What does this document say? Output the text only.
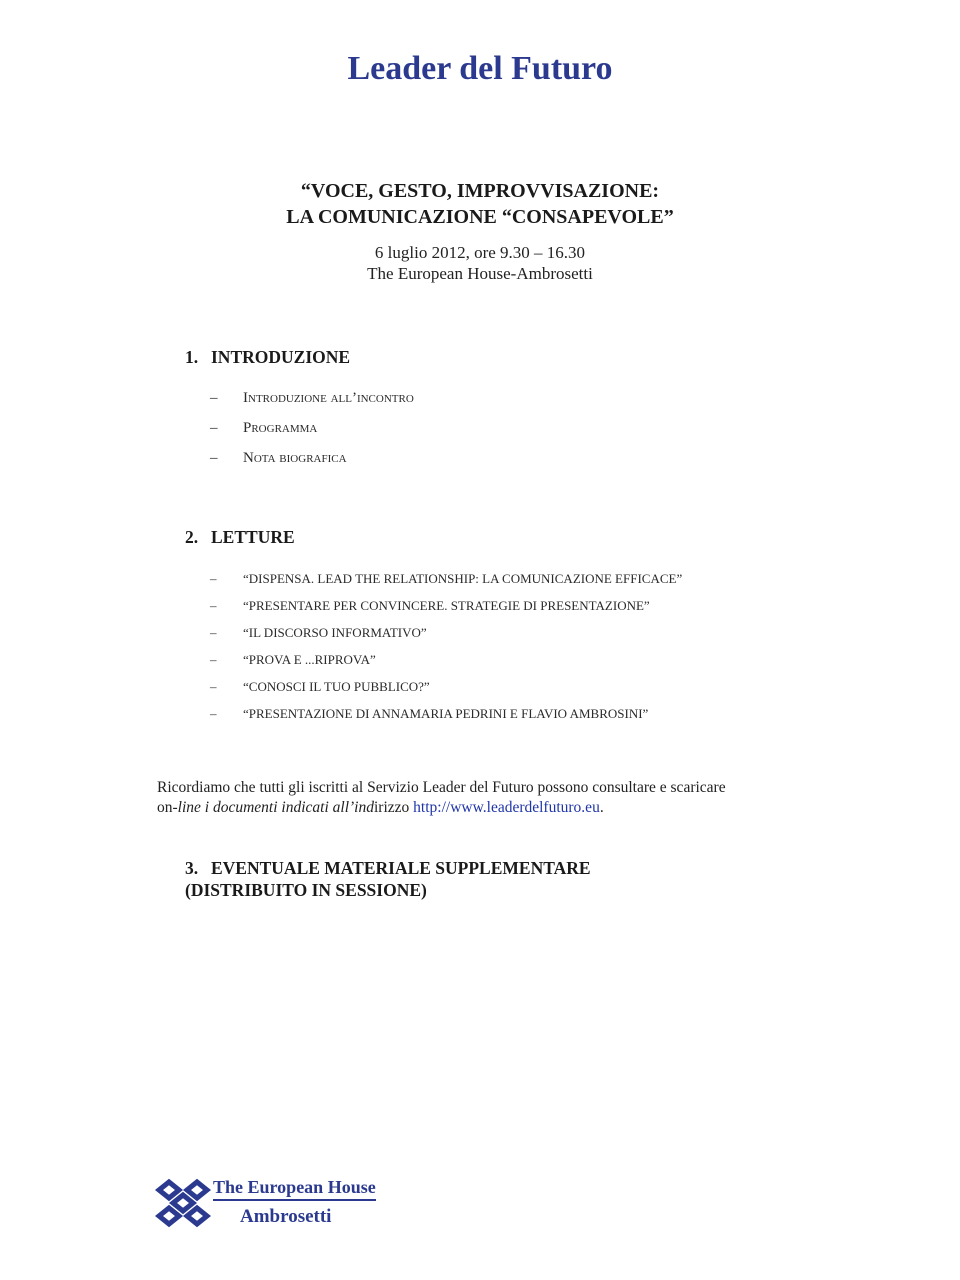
Leader del Futuro
“VOCE, GESTO, IMPROVVISAZIONE:
LA COMUNICAZIONE “CONSAPEVOLE”
6 luglio 2012, ore 9.30 – 16.30
The European House-Ambrosetti
1. INTRODUZIONE
– Introduzione all’incontro
– Programma
– Nota biografica
2. LETTURE
– “DISPENSA. LEAD THE RELATIONSHIP: LA COMUNICAZIONE EFFICACE”
– “PRESENTARE PER CONVINCERE. STRATEGIE DI PRESENTAZIONE”
– “IL DISCORSO INFORMATIVO”
– “PROVA E ...RIPROVA”
– “CONOSCI IL TUO PUBBLICO?”
– “PRESENTAZIONE DI ANNAMARIA PEDRINI E FLAVIO AMBROSINI”
Ricordiamo che tutti gli iscritti al Servizio Leader del Futuro possono consultare e scaricare
on-line i documenti indicati all’indirizzo http://www.leaderdelfuturo.eu.
3. EVENTUALE MATERIALE SUPPLEMENTARE
(DISTRIBUITO IN SESSIONE)
The European House
Ambrosetti
